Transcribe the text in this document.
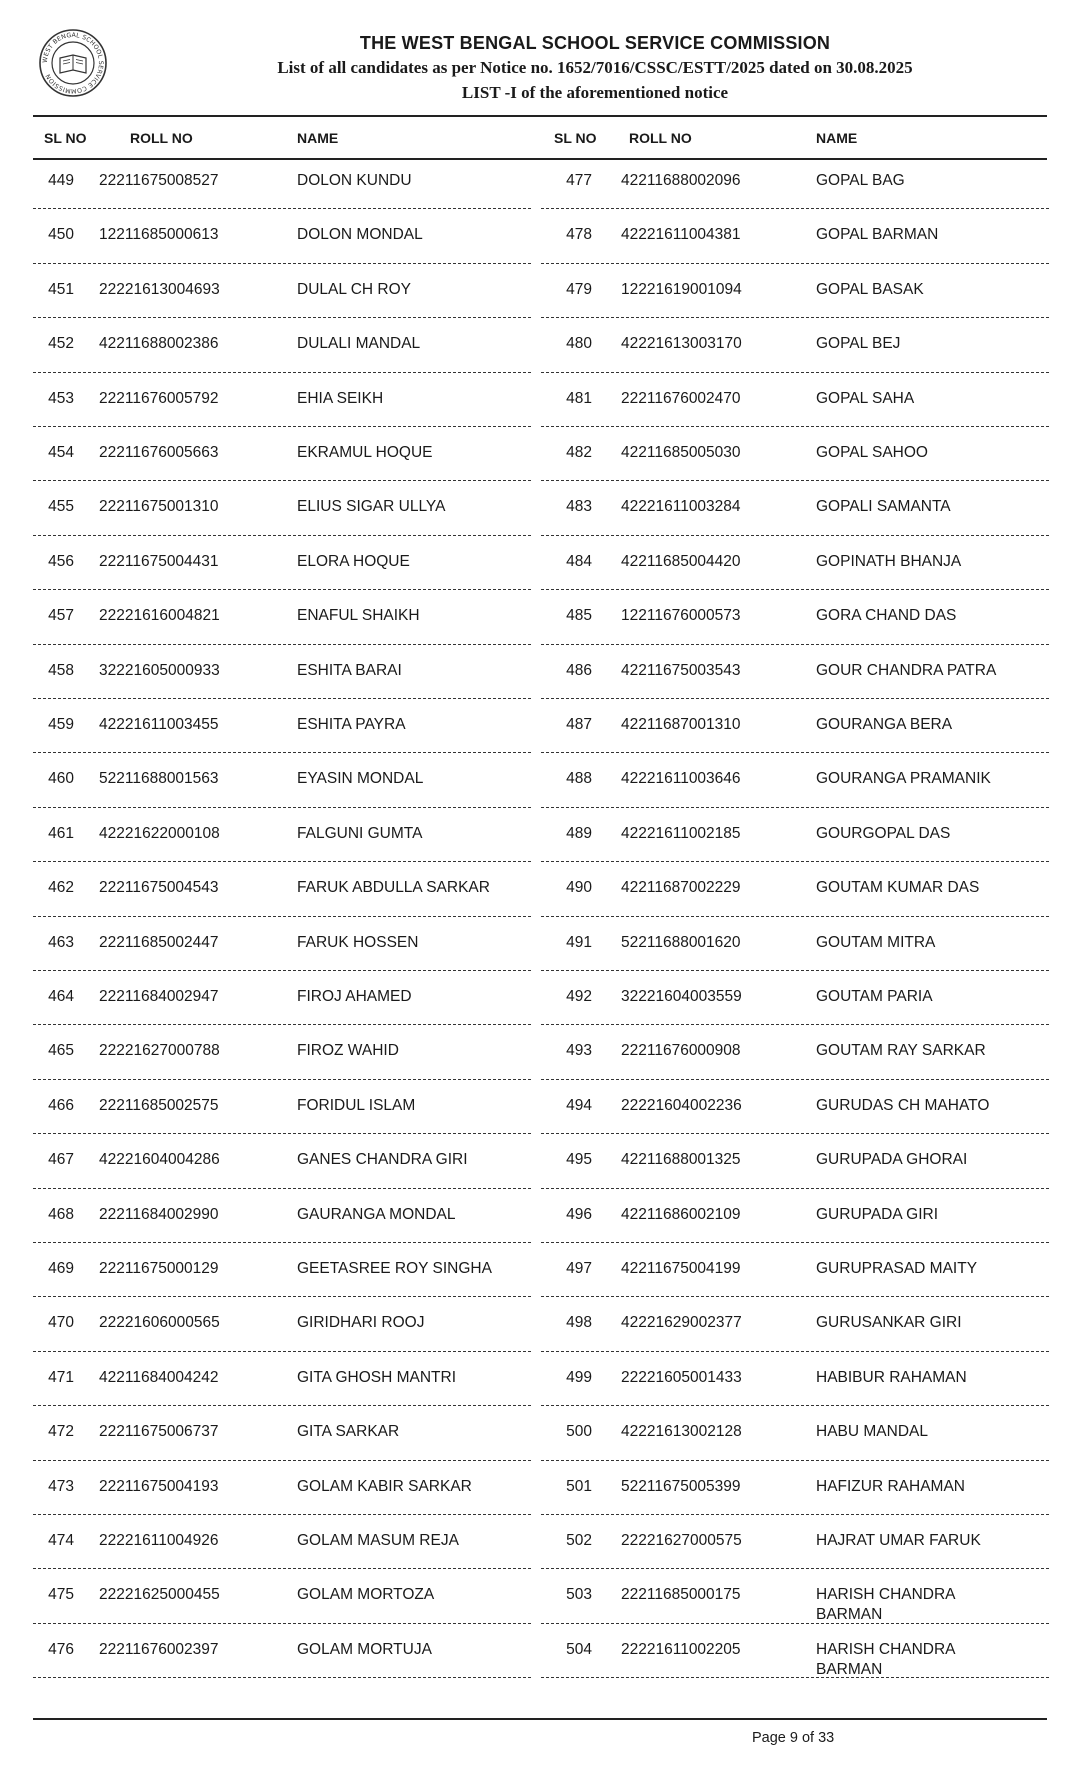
WEST BENGAL SCHOOL SERVICE COMMISSION
THE WEST BENGAL SCHOOL SERVICE COMMISSION
List of all candidates as per Notice no. 1652/7016/CSSC/ESTT/2025 dated on 30.08.2025
LIST -I of the aforementioned notice
SL NO	ROLL NO	NAME	SL NO ROLL NO	NAME
449 22211675008527	DOLON KUNDU	477 42211688002096	GOPAL BAG
450 12211685000613	DOLON MONDAL	478 42221611004381	GOPAL BARMAN
451 22221613004693	DULAL CH ROY	479 12221619001094	GOPAL BASAK
452 42211688002386	DULALI MANDAL	480 42221613003170	GOPAL BEJ
453 22211676005792	EHIA SEIKH	481 22211676002470	GOPAL SAHA
454 22211676005663	EKRAMUL HOQUE	482 42211685005030	GOPAL SAHOO
455 22211675001310	ELIUS SIGAR ULLYA	483 42221611003284	GOPALI SAMANTA
456 22211675004431	ELORA HOQUE	484 42211685004420	GOPINATH BHANJA
457 22221616004821	ENAFUL SHAIKH	485 12211676000573	GORA CHAND DAS
458 32221605000933	ESHITA BARAI	486 42211675003543	GOUR CHANDRA PATRA
459 42221611003455	ESHITA PAYRA	487 42211687001310	GOURANGA BERA
460 52211688001563	EYASIN MONDAL	488 42221611003646	GOURANGA PRAMANIK
461 42221622000108	FALGUNI GUMTA	489 42221611002185	GOURGOPAL DAS
462 22211675004543	FARUK ABDULLA SARKAR	490 42211687002229	GOUTAM KUMAR DAS
463 22211685002447	FARUK HOSSEN	491 52211688001620	GOUTAM MITRA
464 22211684002947	FIROJ AHAMED	492 32221604003559	GOUTAM PARIA
465 22221627000788	FIROZ WAHID	493 22211676000908	GOUTAM RAY SARKAR
466 22211685002575	FORIDUL ISLAM	494 22221604002236	GURUDAS CH MAHATO
467 42221604004286	GANES CHANDRA GIRI	495 42211688001325	GURUPADA GHORAI
468 22211684002990	GAURANGA MONDAL	496 42211686002109	GURUPADA GIRI
469 22211675000129	GEETASREE ROY SINGHA	497 42211675004199	GURUPRASAD MAITY
470 22221606000565	GIRIDHARI ROOJ	498 42221629002377	GURUSANKAR GIRI
471 42211684004242	GITA GHOSH MANTRI	499 22221605001433	HABIBUR RAHAMAN
472 22211675006737	GITA SARKAR	500 42221613002128	HABU MANDAL
473 22211675004193	GOLAM KABIR SARKAR	501 52211675005399	HAFIZUR RAHAMAN
474 22221611004926	GOLAM MASUM REJA	502 22221627000575	HAJRAT UMAR FARUK
475 22221625000455	GOLAM MORTOZA	503 22211685000175	HARISH CHANDRA BARMAN
476 22211676002397	GOLAM MORTUJA	504 22221611002205	HARISH CHANDRA BARMAN
Page 9 of 33
